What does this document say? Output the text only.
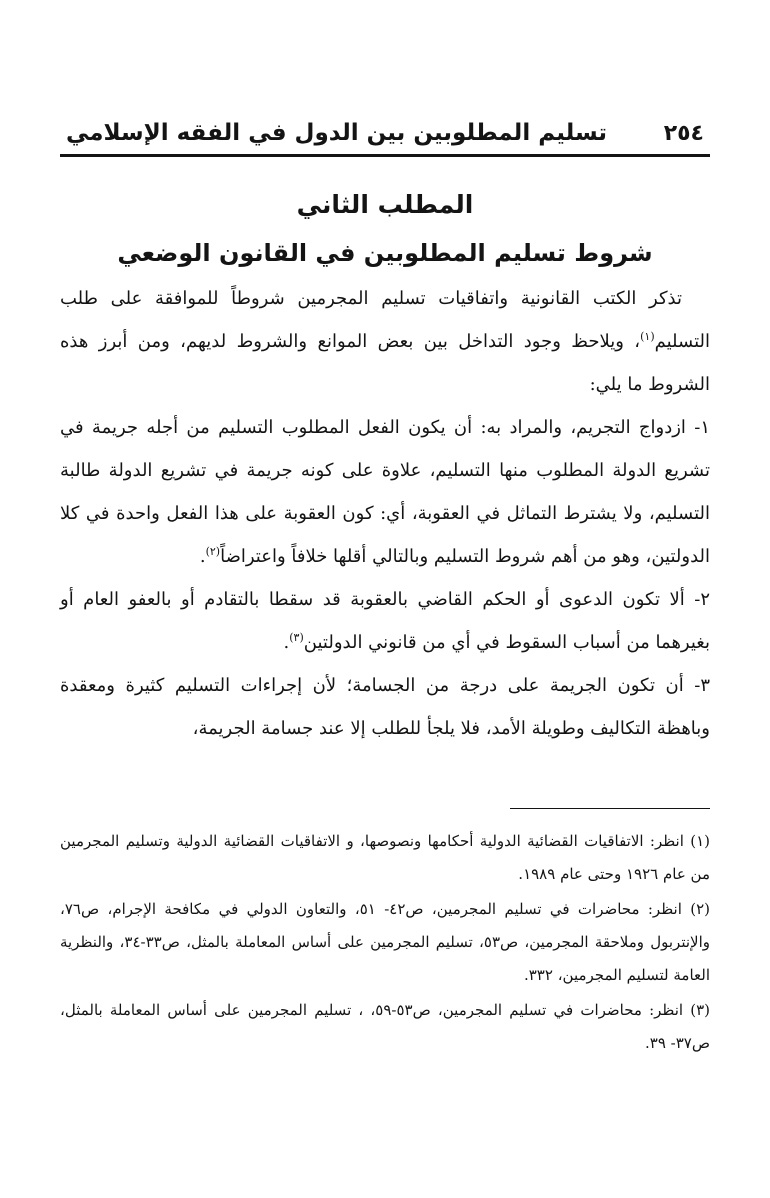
٢٥٤
تسليم المطلوبين بين الدول في الفقه الإسلامي
المطلب الثاني
شروط تسليم المطلوبين في القانون الوضعي

تذكر الكتب القانونية واتفاقيات تسليم المجرمين شروطاً للموافقة على طلب التسليم$^{(١)}$، ويلاحظ وجود التداخل بين بعض الموانع والشروط لديهم، ومن أبرز هذه الشروط ما يلي:

١- ازدواج التجريم، والمراد به: أن يكون الفعل المطلوب التسليم من أجله جريمة في تشريع الدولة المطلوب منها التسليم، علاوة على كونه جريمة في تشريع الدولة طالبة التسليم، ولا يشترط التماثل في العقوبة، أي: كون العقوبة على هذا الفعل واحدة في كلا الدولتين، وهو من أهم شروط التسليم وبالتالي أقلها خلافاً واعتراضاً$^{(٢)}$.

٢- ألا تكون الدعوى أو الحكم القاضي بالعقوبة قد سقطا بالتقادم أو بالعفو العام أو بغيرهما من أسباب السقوط في أي من قانوني الدولتين$^{(٣)}$.

٣- أن تكون الجريمة على درجة من الجسامة؛ لأن إجراءات التسليم كثيرة ومعقدة وباهظة التكاليف وطويلة الأمد، فلا يلجأ للطلب إلا عند جسامة الجريمة،

(١) انظر: الاتفاقيات القضائية الدولية أحكامها ونصوصها، و الاتفاقيات القضائية الدولية وتسليم المجرمين من عام ١٩٢٦ وحتى عام ١٩٨٩.

(٢) انظر: محاضرات في تسليم المجرمين، ص٤٢- ٥١، والتعاون الدولي في مكافحة الإجرام، ص٧٦، والإنتربول وملاحقة المجرمين، ص٥٣، تسليم المجرمين على أساس المعاملة بالمثل، ص٣٣-٣٤، والنظرية العامة لتسليم المجرمين، ٣٣٢.

(٣) انظر: محاضرات في تسليم المجرمين، ص٥٣-٥٩، ، تسليم المجرمين على أساس المعاملة بالمثل، ص٣٧- ٣٩.
